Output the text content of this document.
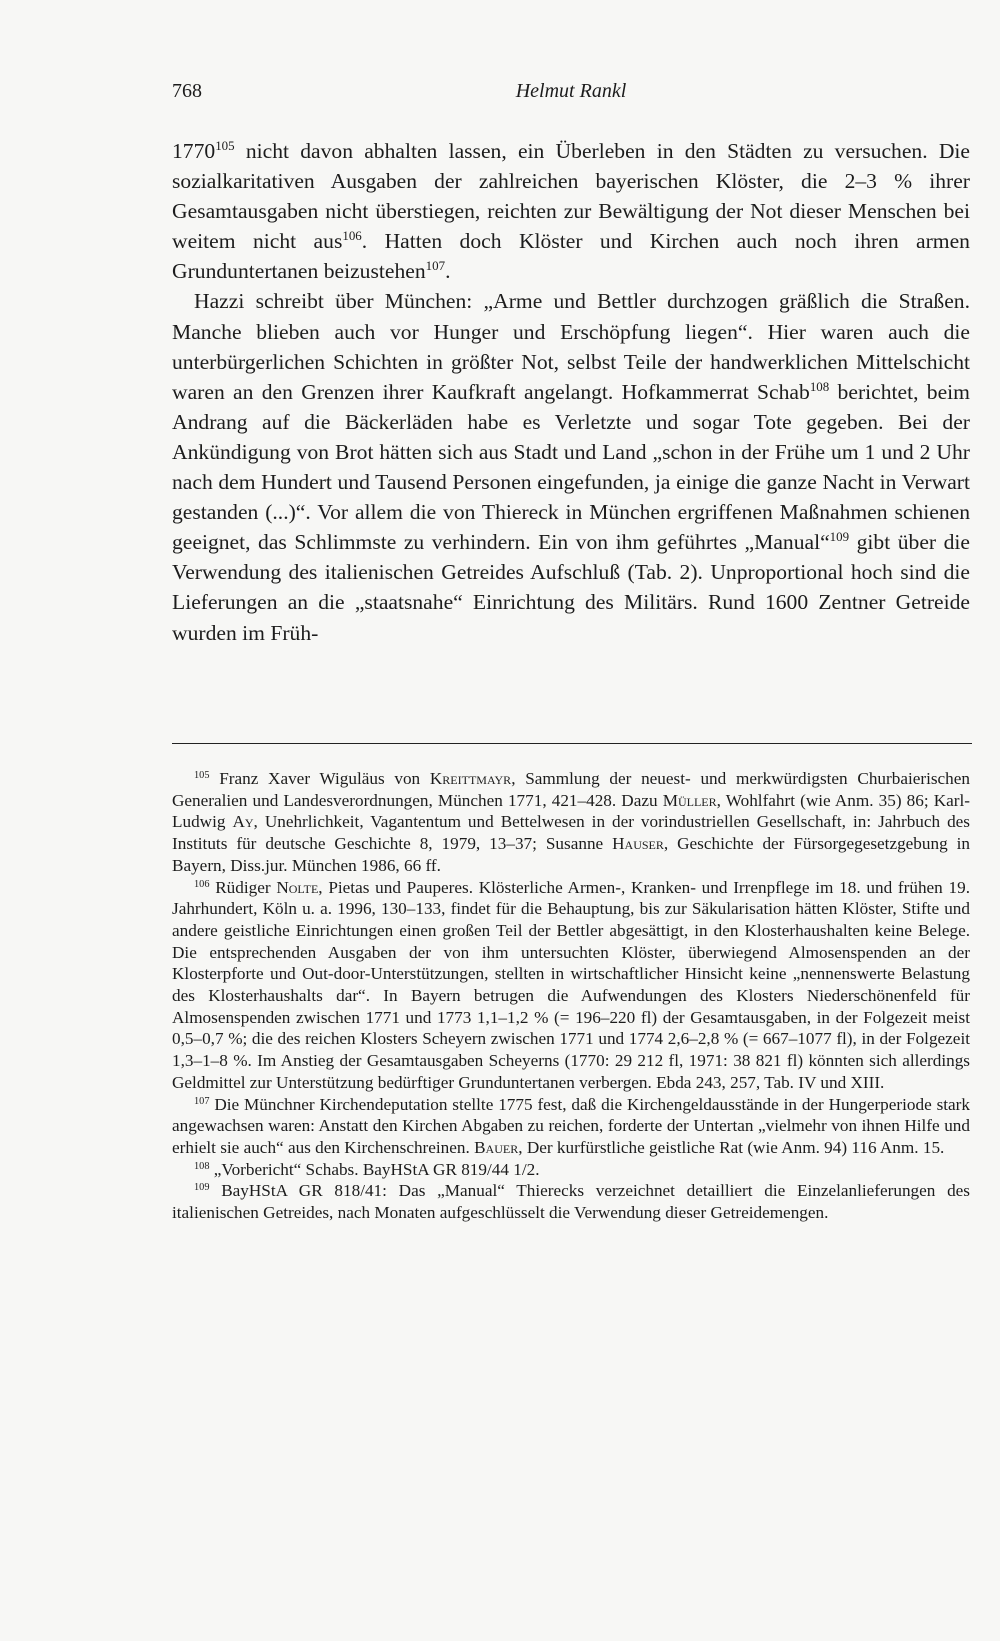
768	Helmut Rankl

1770$^{105}$ nicht davon abhalten lassen, ein Überleben in den Städten zu versuchen. Die sozialkaritativen Ausgaben der zahlreichen bayerischen Klöster, die 2–3 % ihrer Gesamtausgaben nicht überstiegen, reichten zur Bewältigung der Not dieser Menschen bei weitem nicht aus$^{106}$. Hatten doch Klöster und Kirchen auch noch ihren armen Grunduntertanen beizustehen$^{107}$.

Hazzi schreibt über München: „Arme und Bettler durchzogen gräßlich die Straßen. Manche blieben auch vor Hunger und Erschöpfung liegen“. Hier waren auch die unterbürgerlichen Schichten in größter Not, selbst Teile der handwerklichen Mittelschicht waren an den Grenzen ihrer Kaufkraft angelangt. Hofkammerrat Schab$^{108}$ berichtet, beim Andrang auf die Bäckerläden habe es Verletzte und sogar Tote gegeben. Bei der Ankündigung von Brot hätten sich aus Stadt und Land „schon in der Frühe um 1 und 2 Uhr nach dem Hundert und Tausend Personen eingefunden, ja einige die ganze Nacht in Verwart gestanden (...)“. Vor allem die von Thiereck in München ergriffenen Maßnahmen schienen geeignet, das Schlimmste zu verhindern. Ein von ihm geführtes „Manual“$^{109}$ gibt über die Verwendung des italienischen Getreides Aufschluß (Tab. 2). Unproportional hoch sind die Lieferungen an die „staatsnahe“ Einrichtung des Militärs. Rund 1600 Zentner Getreide wurden im Früh-

$^{105}$ Franz Xaver Wiguläus von Kreittmayr, Sammlung der neuest- und merkwürdigsten Churbaierischen Generalien und Landesverordnungen, München 1771, 421–428. Dazu Müller, Wohlfahrt (wie Anm. 35) 86; Karl-Ludwig Ay, Unehrlichkeit, Vagantentum und Bettelwesen in der vorindustriellen Gesellschaft, in: Jahrbuch des Instituts für deutsche Geschichte 8, 1979, 13–37; Susanne Hauser, Geschichte der Fürsorgegesetzgebung in Bayern, Diss.jur. München 1986, 66 ff.

$^{106}$ Rüdiger Nolte, Pietas und Pauperes. Klösterliche Armen-, Kranken- und Irrenpflege im 18. und frühen 19. Jahrhundert, Köln u. a. 1996, 130–133, findet für die Behauptung, bis zur Säkularisation hätten Klöster, Stifte und andere geistliche Einrichtungen einen großen Teil der Bettler abgesättigt, in den Klosterhaushalten keine Belege. Die entsprechenden Ausgaben der von ihm untersuchten Klöster, überwiegend Almosenspenden an der Klosterpforte und Out-door-Unterstützungen, stellten in wirtschaftlicher Hinsicht keine „nennenswerte Belastung des Klosterhaushalts dar“. In Bayern betrugen die Aufwendungen des Klosters Niederschönenfeld für Almosenspenden zwischen 1771 und 1773 1,1–1,2 % (= 196–220 fl) der Gesamtausgaben, in der Folgezeit meist 0,5–0,7 %; die des reichen Klosters Scheyern zwischen 1771 und 1774 2,6–2,8 % (= 667–1077 fl), in der Folgezeit 1,3–1–8 %. Im Anstieg der Gesamtausgaben Scheyerns (1770: 29 212 fl, 1971: 38 821 fl) könnten sich allerdings Geldmittel zur Unterstützung bedürftiger Grunduntertanen verbergen. Ebda 243, 257, Tab. IV und XIII.

$^{107}$ Die Münchner Kirchendeputation stellte 1775 fest, daß die Kirchengeldausstände in der Hungerperiode stark angewachsen waren: Anstatt den Kirchen Abgaben zu reichen, forderte der Untertan „vielmehr von ihnen Hilfe und erhielt sie auch“ aus den Kirchenschreinen. Bauer, Der kurfürstliche geistliche Rat (wie Anm. 94) 116 Anm. 15.

$^{108}$ „Vorbericht“ Schabs. BayHStA GR 819/44 1/2.

$^{109}$ BayHStA GR 818/41: Das „Manual“ Thierecks verzeichnet detailliert die Einzelanlieferungen des italienischen Getreides, nach Monaten aufgeschlüsselt die Verwendung dieser Getreidemengen.
